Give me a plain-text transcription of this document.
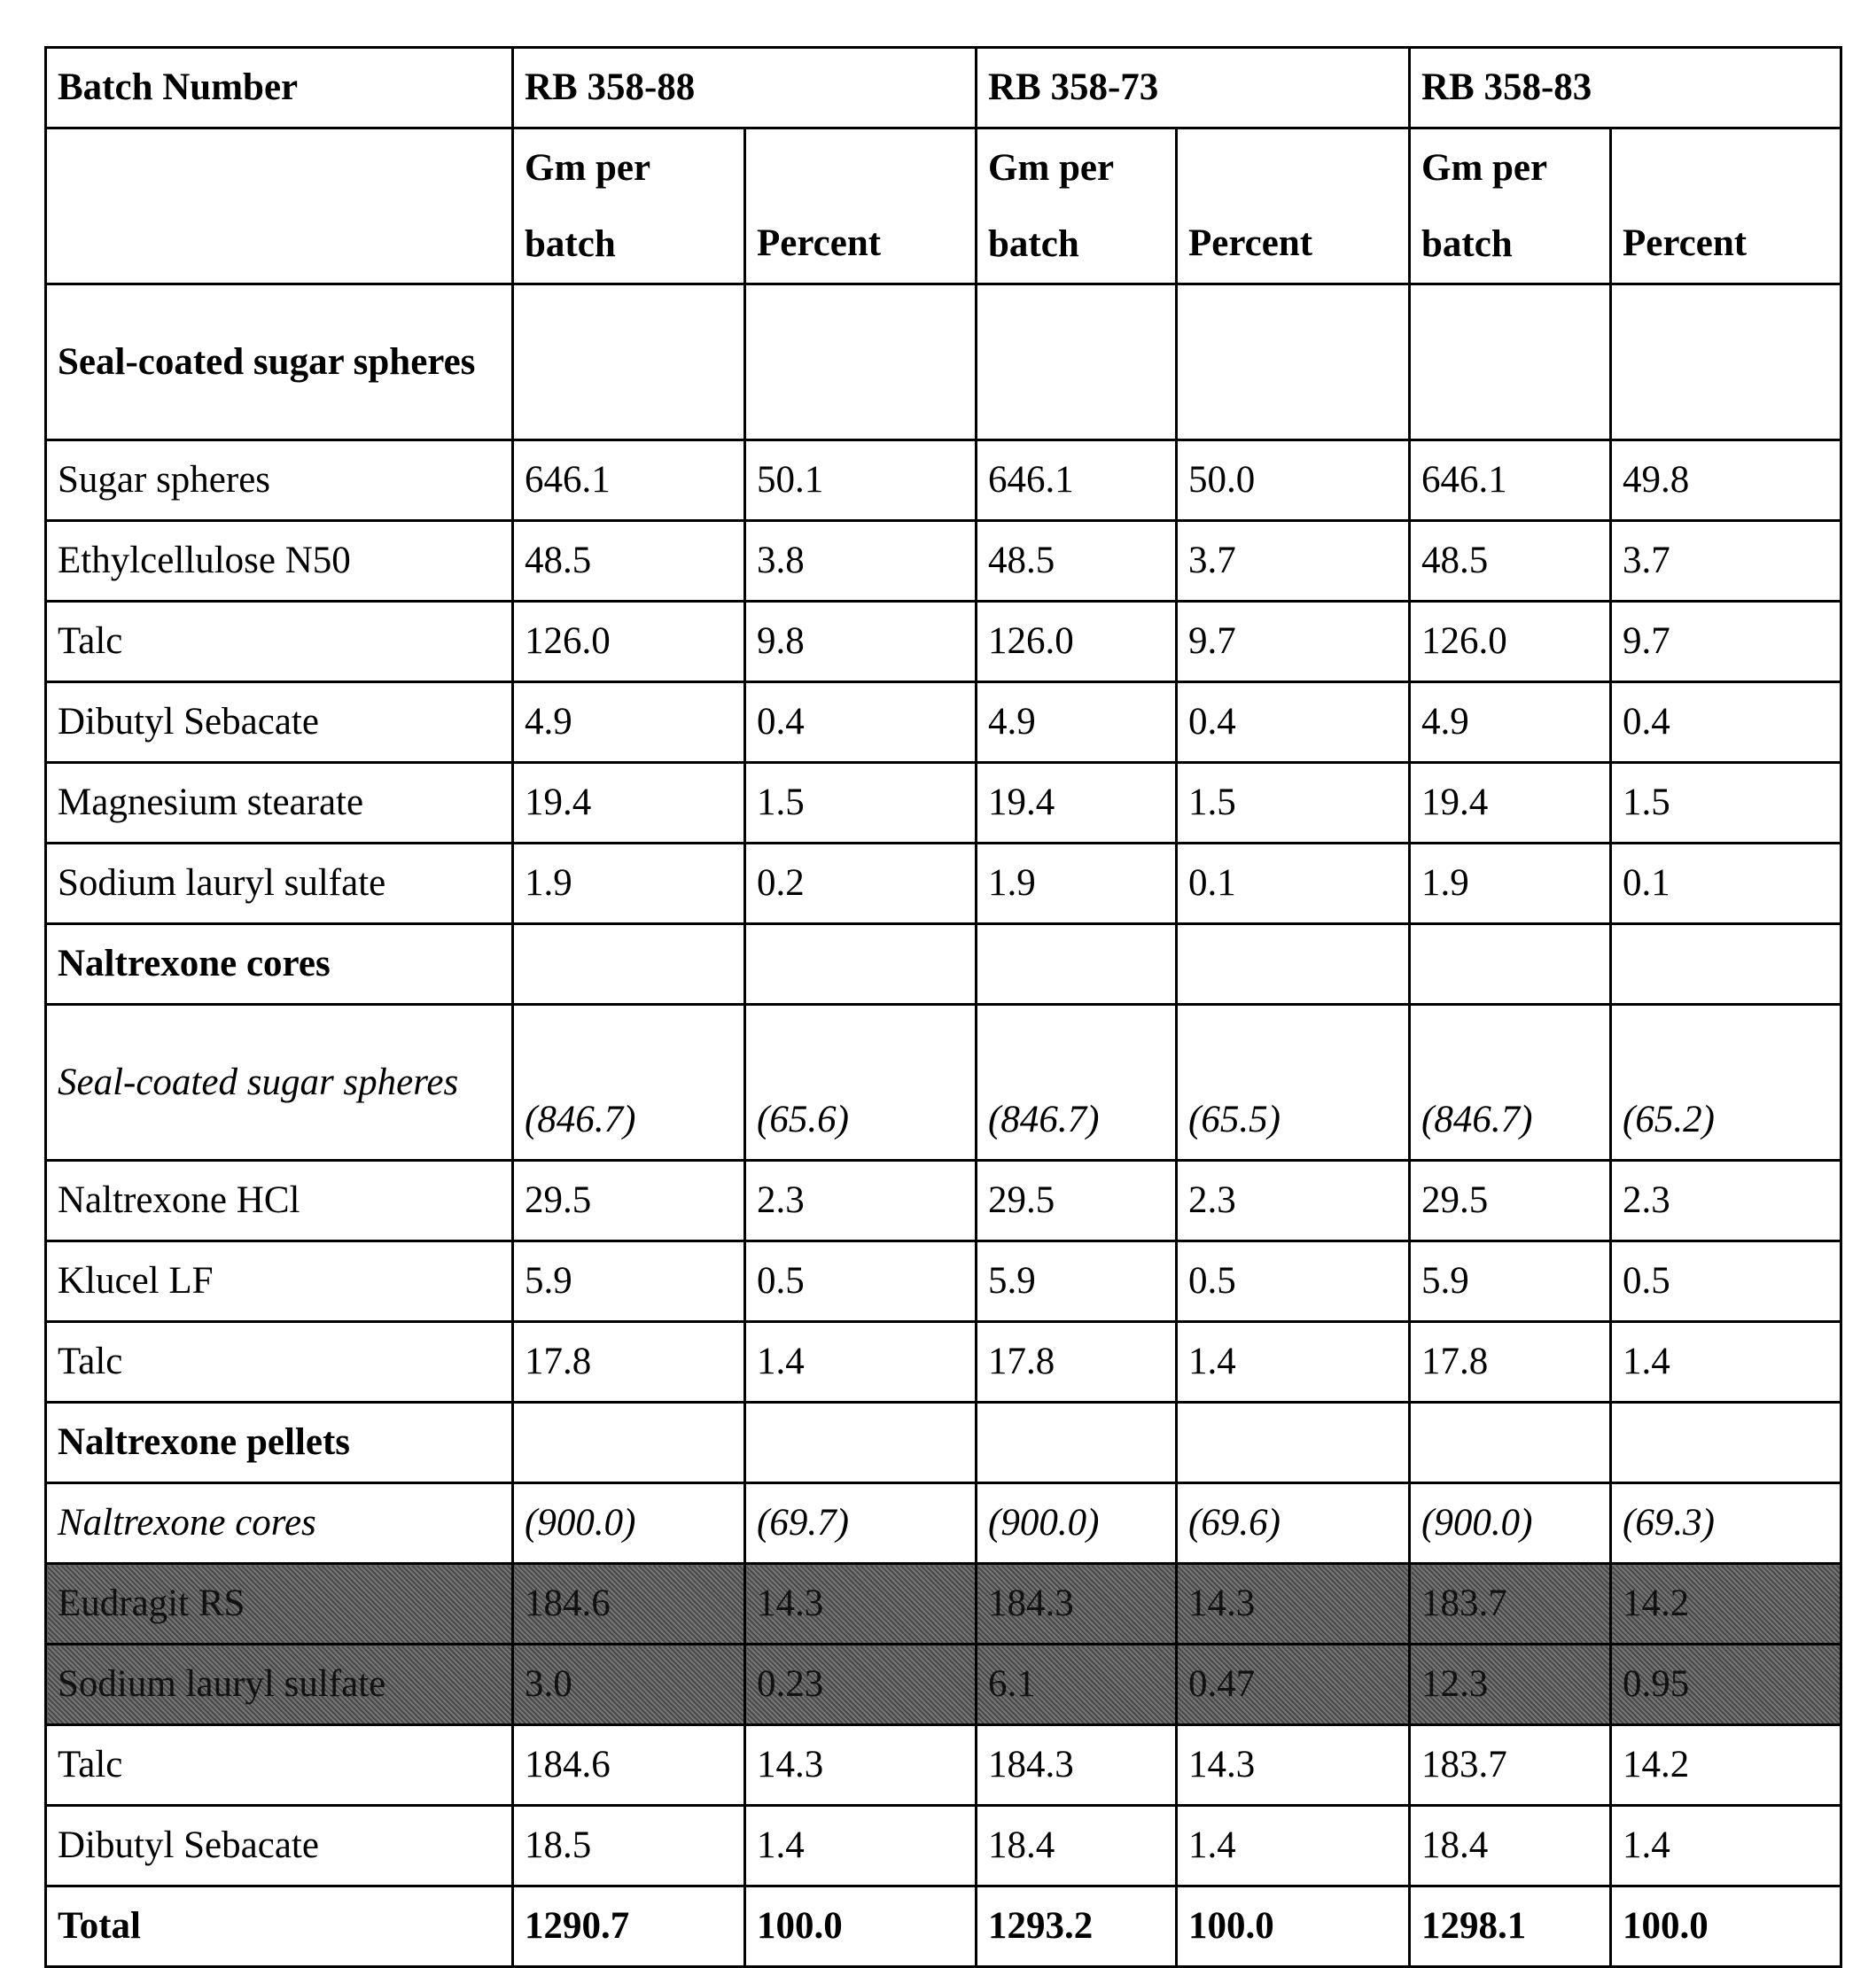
Batch Number	RB 358-88	RB 358-73	RB 358-83
	Gm per batch	Percent	Gm per batch	Percent	Gm per batch	Percent
Seal-coated sugar spheres						
Sugar spheres	646.1	50.1	646.1	50.0	646.1	49.8
Ethylcellulose N50	48.5	3.8	48.5	3.7	48.5	3.7
Talc	126.0	9.8	126.0	9.7	126.0	9.7
Dibutyl Sebacate	4.9	0.4	4.9	0.4	4.9	0.4
Magnesium stearate	19.4	1.5	19.4	1.5	19.4	1.5
Sodium lauryl sulfate	1.9	0.2	1.9	0.1	1.9	0.1
Naltrexone cores						
Seal-coated sugar spheres	(846.7)	(65.6)	(846.7)	(65.5)	(846.7)	(65.2)
Naltrexone HCl	29.5	2.3	29.5	2.3	29.5	2.3
Klucel LF	5.9	0.5	5.9	0.5	5.9	0.5
Talc	17.8	1.4	17.8	1.4	17.8	1.4
Naltrexone pellets						
Naltrexone cores	(900.0)	(69.7)	(900.0)	(69.6)	(900.0)	(69.3)
Eudragit RS	184.6	14.3	184.3	14.3	183.7	14.2
Sodium lauryl sulfate	3.0	0.23	6.1	0.47	12.3	0.95
Talc	184.6	14.3	184.3	14.3	183.7	14.2
Dibutyl Sebacate	18.5	1.4	18.4	1.4	18.4	1.4
Total	1290.7	100.0	1293.2	100.0	1298.1	100.0
